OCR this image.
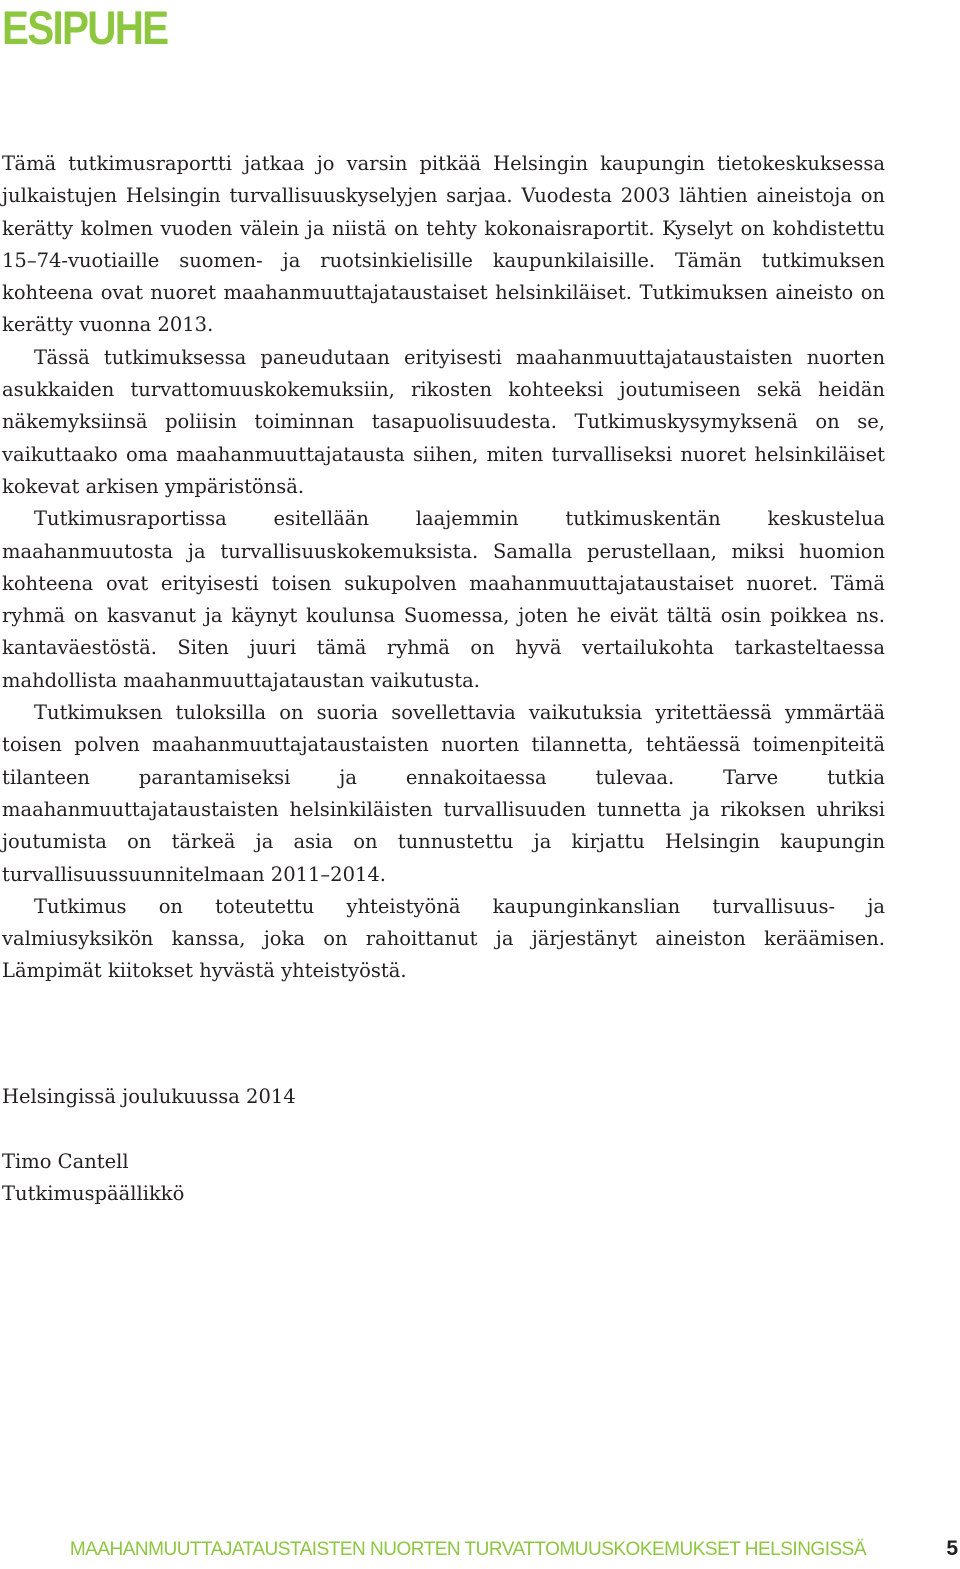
ESIPUHE

Tämä tutkimusraportti jatkaa jo varsin pitkää Helsingin kaupungin tietokeskuksessa julkaistujen Helsingin turvallisuuskyselyjen sarjaa. Vuodesta 2003 lähtien aineistoja on kerätty kolmen vuoden välein ja niistä on tehty kokonaisraportit. Kyselyt on kohdistettu 15–74-vuotiaille suomen- ja ruotsinkielisille kaupunkilaisille. Tämän tutkimuksen kohteena ovat nuoret maahanmuuttajataustaiset helsinkiläiset. Tutkimuksen aineisto on kerätty vuonna 2013.

Tässä tutkimuksessa paneudutaan erityisesti maahanmuuttajataustaisten nuorten asukkaiden turvattomuuskokemuksiin, rikosten kohteeksi joutumiseen sekä heidän näkemyksiinsä poliisin toiminnan tasapuolisuudesta. Tutkimuskysymyksenä on se, vaikuttaako oma maahanmuuttajatausta siihen, miten turvalliseksi nuoret helsinkiläiset kokevat arkisen ympäristönsä.

Tutkimusraportissa esitellään laajemmin tutkimuskentän keskustelua maahanmuutosta ja turvallisuuskokemuksista. Samalla perustellaan, miksi huomion kohteena ovat erityisesti toisen sukupolven maahanmuuttajataustaiset nuoret. Tämä ryhmä on kasvanut ja käynyt koulunsa Suomessa, joten he eivät tältä osin poikkea ns. kantaväestöstä. Siten juuri tämä ryhmä on hyvä vertailukohta tarkasteltaessa mahdollista maahanmuuttajataustan vaikutusta.

Tutkimuksen tuloksilla on suoria sovellettavia vaikutuksia yritettäessä ymmärtää toisen polven maahanmuuttajataustaisten nuorten tilannetta, tehtäessä toimenpiteitä tilanteen parantamiseksi ja ennakoitaessa tulevaa. Tarve tutkia maahanmuuttajataustaisten helsinkiläisten turvallisuuden tunnetta ja rikoksen uhriksi joutumista on tärkeä ja asia on tunnustettu ja kirjattu Helsingin kaupungin turvallisuussuunnitelmaan 2011–2014.

Tutkimus on toteutettu yhteistyönä kaupunginkanslian turvallisuus- ja valmiusyksikön kanssa, joka on rahoittanut ja järjestänyt aineiston keräämisen. Lämpimät kiitokset hyvästä yhteistyöstä.

Helsingissä joulukuussa 2014

Timo Cantell

Tutkimuspäällikkö

MAAHANMUUTTAJATAUSTAISTEN NUORTEN TURVATTOMUUSKOKEMUKSET HELSINGISSÄ	5
